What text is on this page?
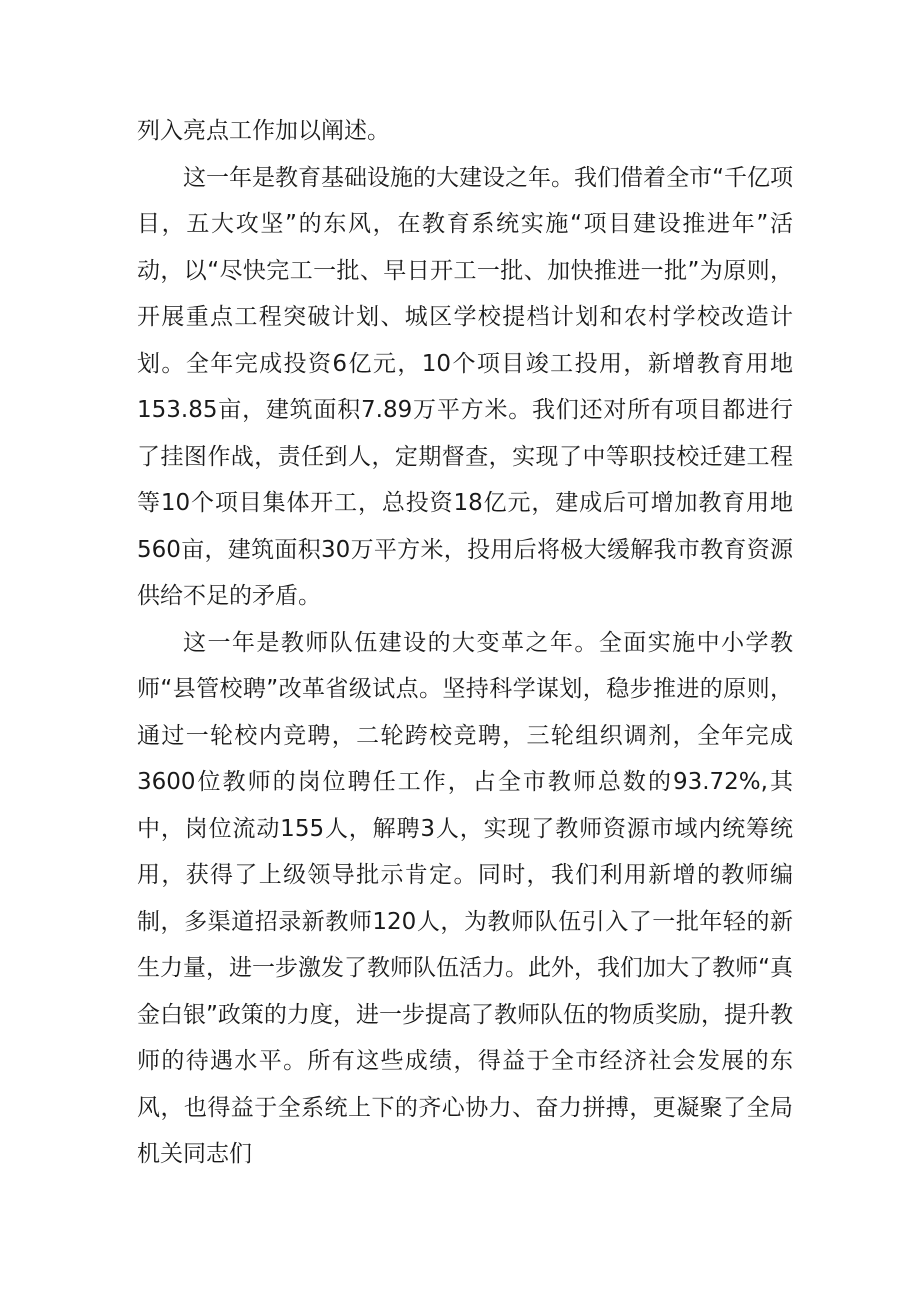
列入亮点工作加以阐述。

这一年是教育基础设施的大建设之年。我们借着全市“千亿项目，五大攻坚”的东风，在教育系统实施“项目建设推进年”活动，以“尽快完工一批、早日开工一批、加快推进一批”为原则，开展重点工程突破计划、城区学校提档计划和农村学校改造计划。全年完成投资6亿元，10个项目竣工投用，新增教育用地153.85亩，建筑面积7.89万平方米。我们还对所有项目都进行了挂图作战，责任到人，定期督查，实现了中等职技校迁建工程等10个项目集体开工，总投资18亿元，建成后可增加教育用地560亩，建筑面积30万平方米，投用后将极大缓解我市教育资源供给不足的矛盾。

这一年是教师队伍建设的大变革之年。全面实施中小学教师“县管校聘”改革省级试点。坚持科学谋划，稳步推进的原则，通过一轮校内竞聘，二轮跨校竞聘，三轮组织调剂，全年完成3600位教师的岗位聘任工作，占全市教师总数的93.72%,其中，岗位流动155人，解聘3人，实现了教师资源市域内统筹统用，获得了上级领导批示肯定。同时，我们利用新增的教师编制，多渠道招录新教师120人，为教师队伍引入了一批年轻的新生力量，进一步激发了教师队伍活力。此外，我们加大了教师“真金白银”政策的力度，进一步提高了教师队伍的物质奖励，提升教师的待遇水平。所有这些成绩，得益于全市经济社会发展的东风，也得益于全系统上下的齐心协力、奋力拼搏，更凝聚了全局机关同志们
